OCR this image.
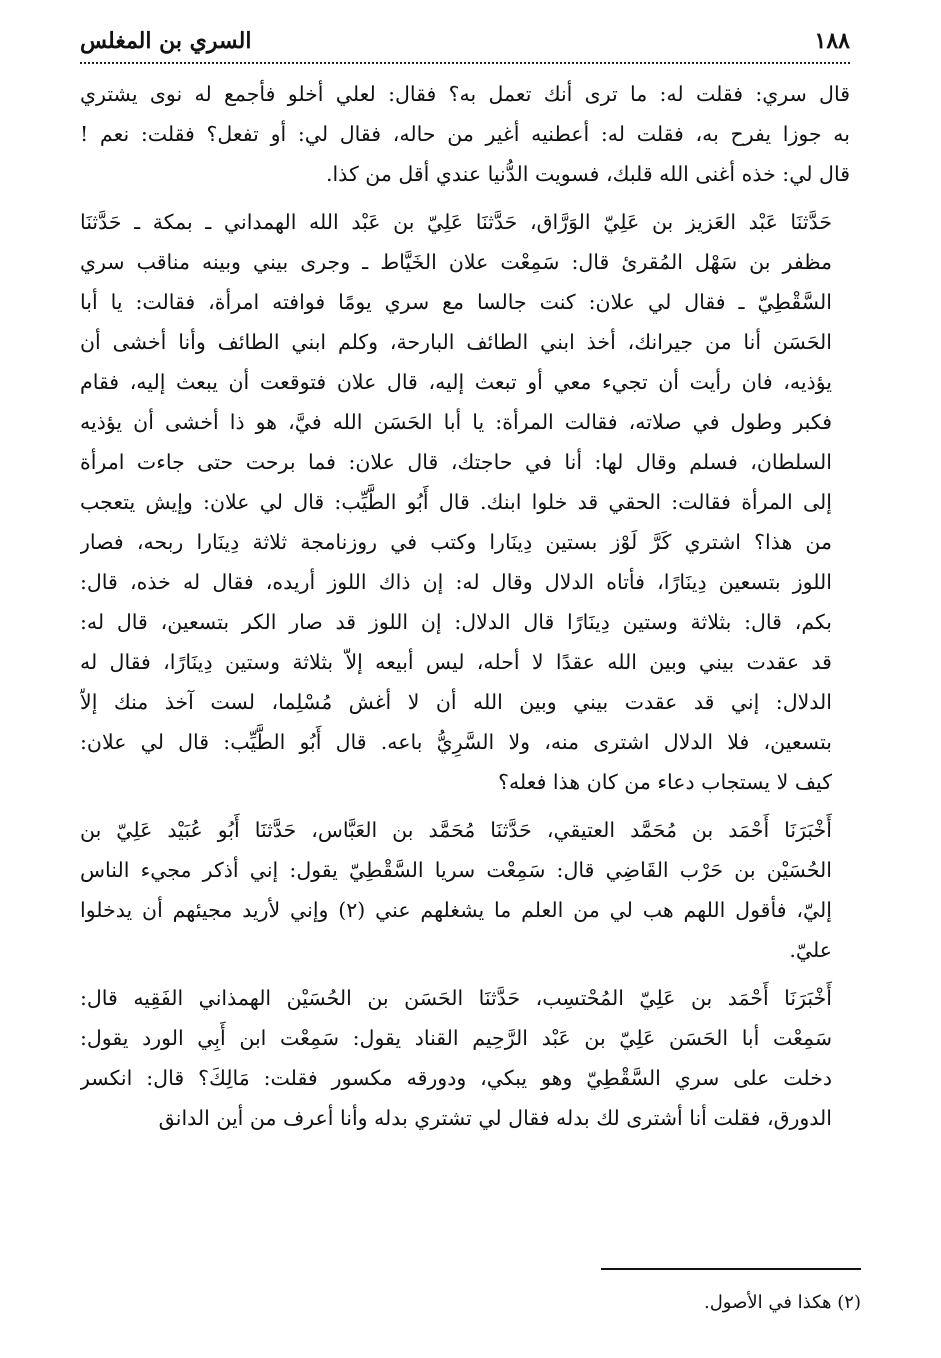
١٨٨
السري بن المغلس
قال سري: فقلت له: ما ترى أنك تعمل به؟ فقال: لعلي أخلو فأجمع له نوى يشتري
به جوزا يفرح به، فقلت له: أعطنيه أغير من حاله، فقال لي: أو تفعل؟ فقلت: نعم !
قال لي: خذه أغنى الله قلبك، فسويت الدُّنيا عندي أقل من كذا.
حَدَّثنَا عَبْد العَزيز بن عَلِيّ الوَرَّاق، حَدَّثنَا عَلِيّ بن عَبْد الله الهمداني ـ بمكة ـ حَدَّثنَا
مظفر بن سَهْل المُقرئ قال: سَمِعْت علان الخَيَّاط ـ وجرى بيني وبينه مناقب سري
السَّقْطِيّ ـ فقال لي علان: كنت جالسا مع سري يومًا فوافته امرأة، فقالت: يا أبا
الحَسَن أنا من جيرانك، أخذ ابني الطائف البارحة، وكلم ابني الطائف وأنا أخشى أن
يؤذيه، فان رأيت أن تجيء معي أو تبعث إليه، قال علان فتوقعت أن يبعث إليه، فقام
فكبر وطول في صلاته، فقالت المرأة: يا أبا الحَسَن الله فيَّ، هو ذا أخشى أن يؤذيه
السلطان، فسلم وقال لها: أنا في حاجتك، قال علان: فما برحت حتى جاءت امرأة
إلى المرأة فقالت: الحقي قد خلوا ابنك. قال أَبُو الطَّيِّب: قال لي علان: وإيش يتعجب
من هذا؟ اشتري كَرَّ لَوْز بستين دِينَارا وكتب في روزنامجة ثلاثة دِينَارا ربحه، فصار
اللوز بتسعين دِينَارًا، فأتاه الدلال وقال له: إن ذاك اللوز أريده، فقال له خذه، قال:
بكم، قال: بثلاثة وستين دِينَارًا قال الدلال: إن اللوز قد صار الكر بتسعين، قال له:
قد عقدت بيني وبين الله عقدًا لا أحله، ليس أبيعه إلاّ بثلاثة وستين دِينَارًا، فقال له
الدلال: إني قد عقدت بيني وبين الله أن لا أغش مُسْلِما، لست آخذ منك إلاّ
بتسعين، فلا الدلال اشترى منه، ولا السَّرِيُّ باعه. قال أَبُو الطَّيِّب: قال لي علان:
كيف لا يستجاب دعاء من كان هذا فعله؟
أَخْبَرَنَا أَحْمَد بن مُحَمَّد العتيقي، حَدَّثنَا مُحَمَّد بن العَبَّاس، حَدَّثنَا أَبُو عُبَيْد عَلِيّ بن
الحُسَيْن بن حَرْب القَاضِي قال: سَمِعْت سريا السَّقْطِيّ يقول: إني أذكر مجيء الناس
إليّ، فأقول اللهم هب لي من العلم ما يشغلهم عني (٢) وإني لأريد مجيئهم أن يدخلوا
عليّ.
أَخْبَرَنَا أَحْمَد بن عَلِيّ المُحْتسِب، حَدَّثنَا الحَسَن بن الحُسَيْن الهمذاني الفَقِيه قال:
سَمِعْت أبا الحَسَن عَلِيّ بن عَبْد الرَّحِيم القناد يقول: سَمِعْت ابن أَبِي الورد يقول:
دخلت على سري السَّقْطِيّ وهو يبكي، ودورقه مكسور فقلت: مَالِكَ؟ قال: انكسر
الدورق، فقلت أنا أشترى لك بدله فقال لي تشتري بدله وأنا أعرف من أين الدانق
(٢) هكذا في الأصول.
